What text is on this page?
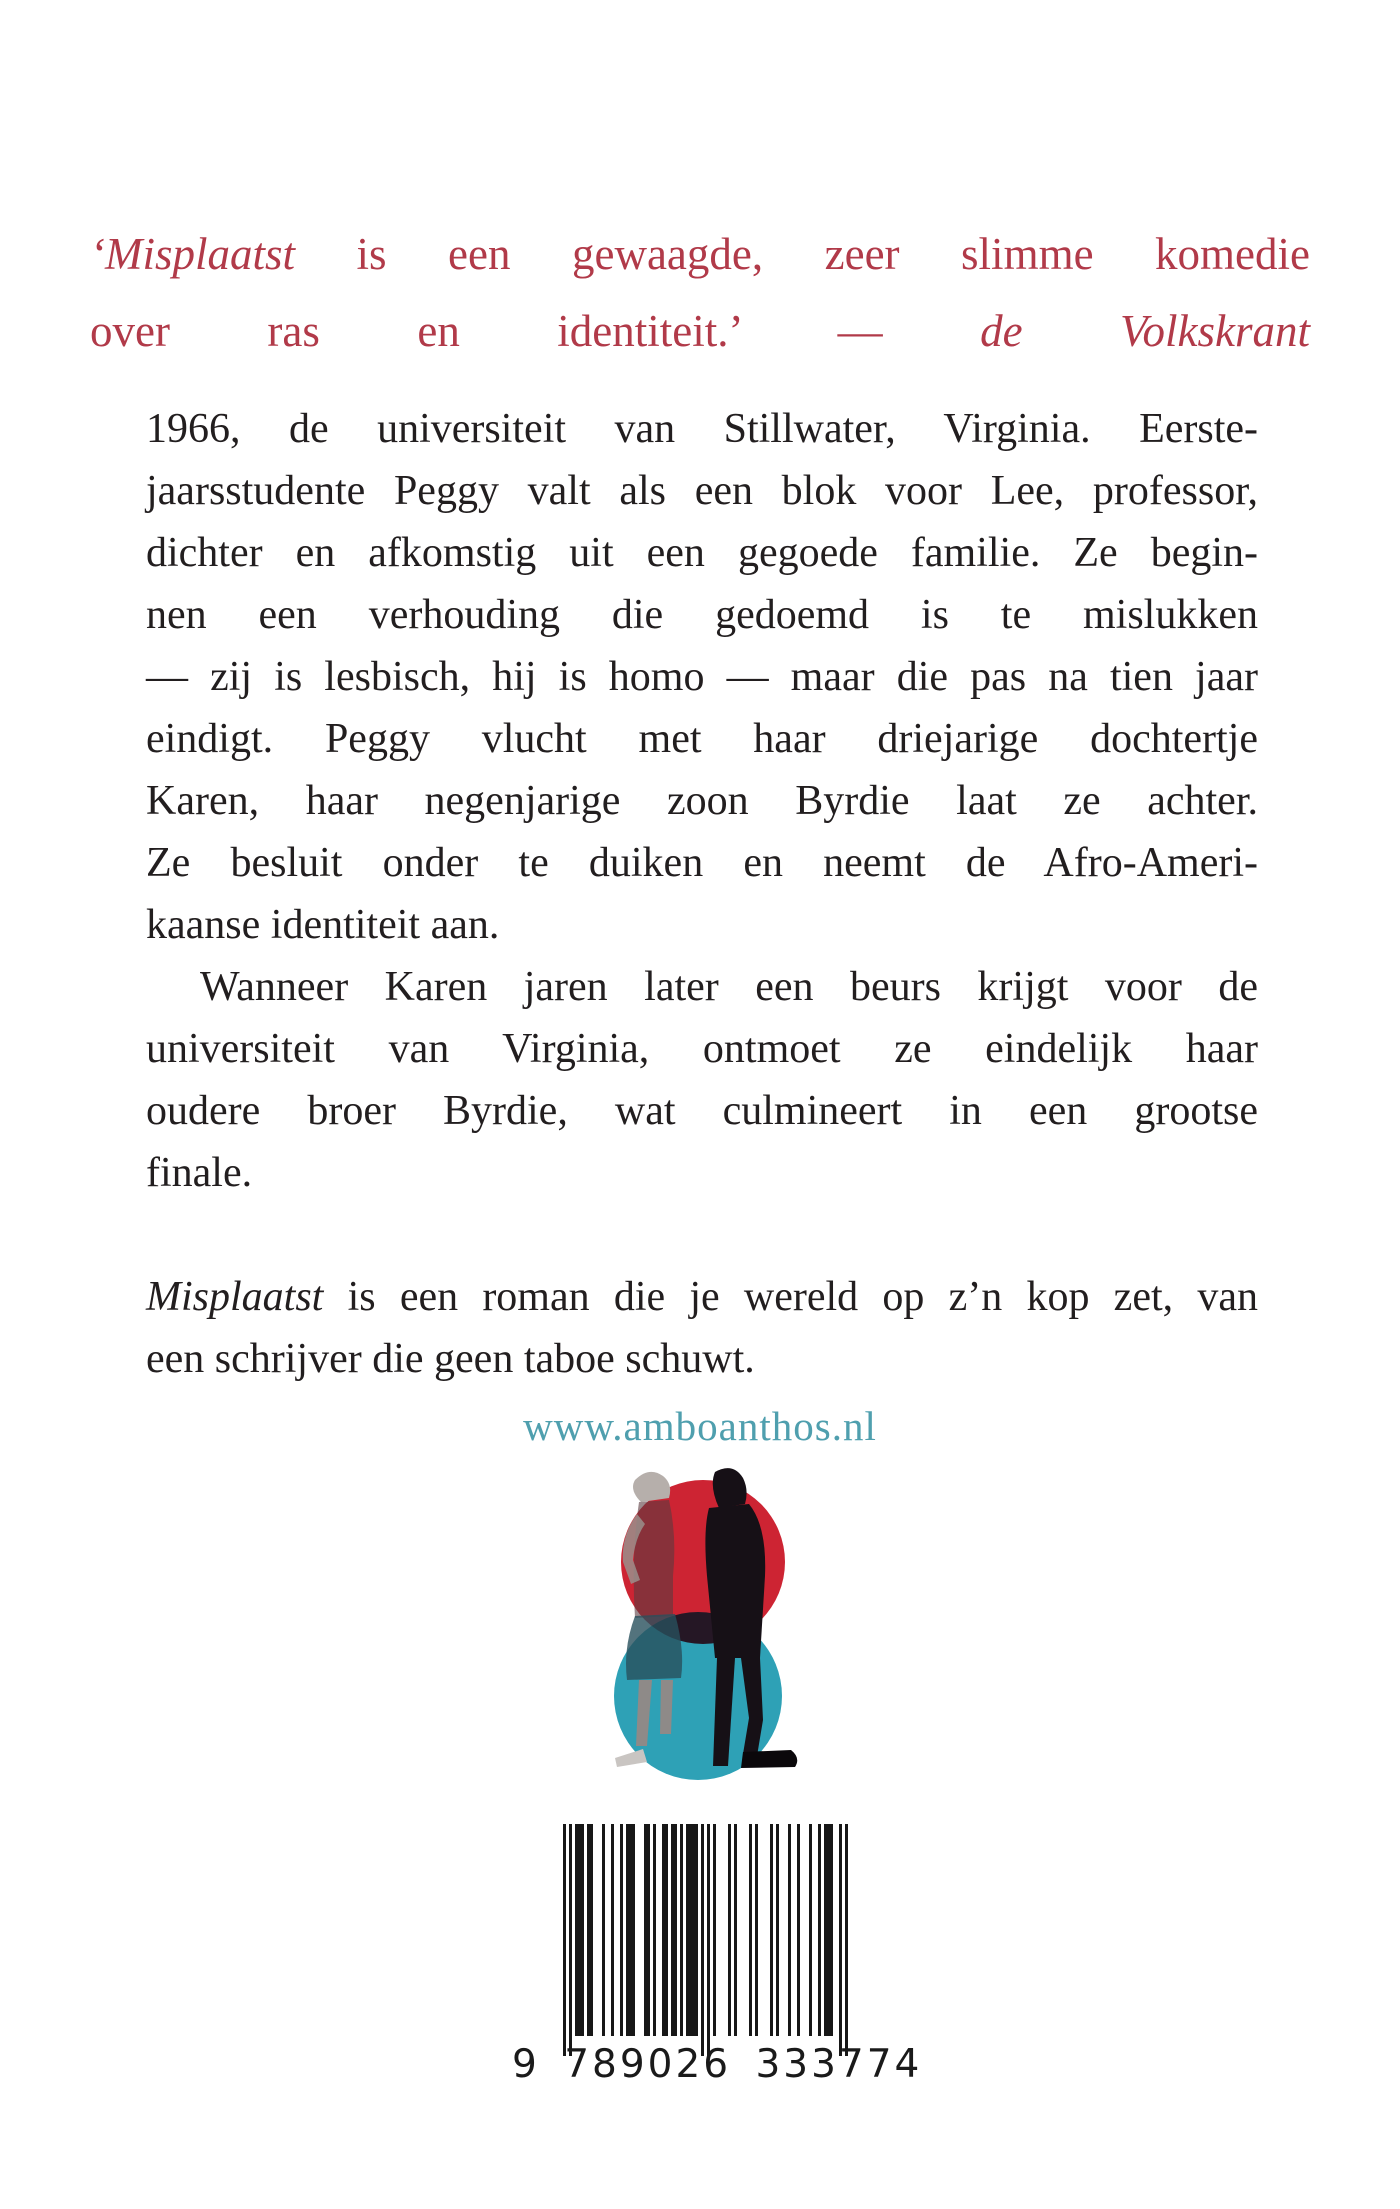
‘Misplaatst is een gewaagde, zeer slimme komedie
over ras en identiteit.’ — de Volkskrant
1966, de universiteit van Stillwater, Virginia. Eerste-
jaarsstudente Peggy valt als een blok voor Lee, professor,
dichter en afkomstig uit een gegoede familie. Ze begin-
nen een verhouding die gedoemd is te mislukken
— zij is lesbisch, hij is homo — maar die pas na tien jaar
eindigt. Peggy vlucht met haar driejarige dochtertje
Karen, haar negenjarige zoon Byrdie laat ze achter.
Ze besluit onder te duiken en neemt de Afro-Ameri-
kaanse identiteit aan.
Wanneer Karen jaren later een beurs krijgt voor de
universiteit van Virginia, ontmoet ze eindelijk haar
oudere broer Byrdie, wat culmineert in een grootse
finale.
Misplaatst is een roman die je wereld op z’n kop zet, van
een schrijver die geen taboe schuwt.
www.amboanthos.nl
9 789026 333774
